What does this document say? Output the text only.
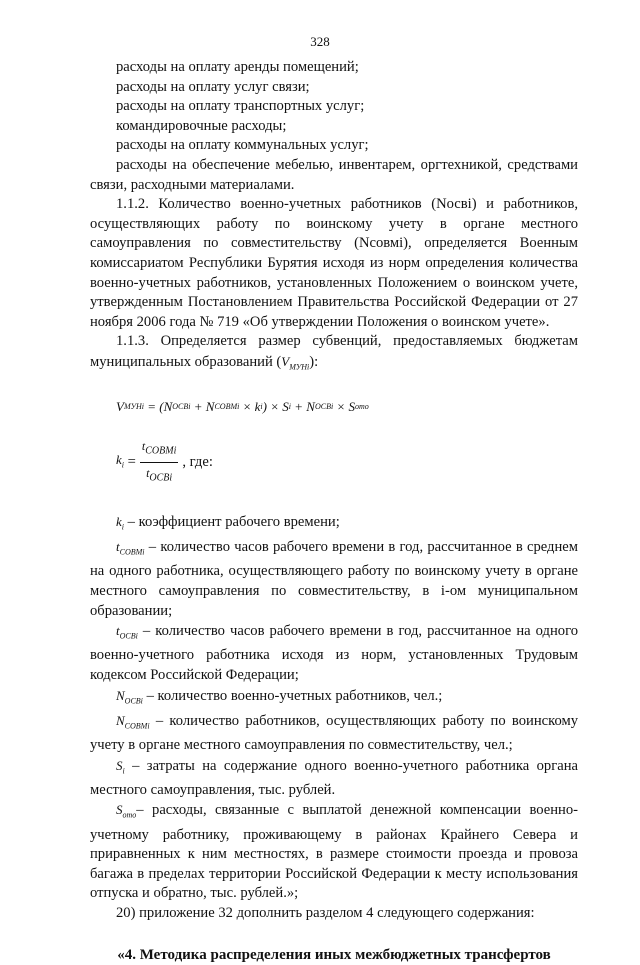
328

расходы на оплату аренды помещений;

расходы на оплату услуг связи;

расходы на оплату транспортных услуг;

командировочные расходы;

расходы на оплату коммунальных услуг;

расходы на обеспечение мебелью, инвентарем, оргтехникой, средствами связи, расходными материалами.

1.1.2. Количество военно-учетных работников (Nосвi) и работников, осуществляющих работу по воинскому учету в органе местного самоуправления по совместительству (Ncoвмi), определяется Военным комиссариатом Республики Бурятия исходя из норм определения количества военно-учетных работников, установленных Положением о воинском учете, утвержденным Постановлением Правительства Российской Федерации от 27 ноября 2006 года № 719 «Об утверждении Положения о воинском учете».

1.1.3. Определяется размер субвенций, предоставляемых бюджетам муниципальных образований $(V_{МУНi})$:

V МУНi = ( N ОСВi + N СОВМi × k i ) × S i + N ОСВi × S ото
$k_i = \frac{t_{СОВМi}}{t_{ОСВi}}$ , где:

$k_i$ – коэффициент рабочего времени;

$t_{СОВМi}$ – количество часов рабочего времени в год, рассчитанное в среднем на одного работника, осуществляющего работу по воинскому учету в органе местного самоуправления по совместительству, в i-ом муниципальном образовании;

$t_{ОСВi}$ – количество часов рабочего времени в год, рассчитанное на одного военно-учетного работника исходя из норм, установленных Трудовым кодексом Российской Федерации;

$N_{ОСВi}$ – количество военно-учетных работников, чел.;

$N_{СОВМi}$ – количество работников, осуществляющих работу по воинскому учету в органе местного самоуправления по совместительству, чел.;

$S_i$ – затраты на содержание одного военно-учетного работника органа местного самоуправления, тыс. рублей.

$S_{ото}-$ расходы, связанные с выплатой денежной компенсации военно-учетному работнику, проживающему в районах Крайнего Севера и приравненных к ним местностях, в размере стоимости проезда и провоза багажа в пределах территории Российской Федерации к месту использования отпуска и обратно, тыс. рублей.»;

20) приложение 32 дополнить разделом 4 следующего содержания:

«4. Методика распределения иных межбюджетных трансфертов
